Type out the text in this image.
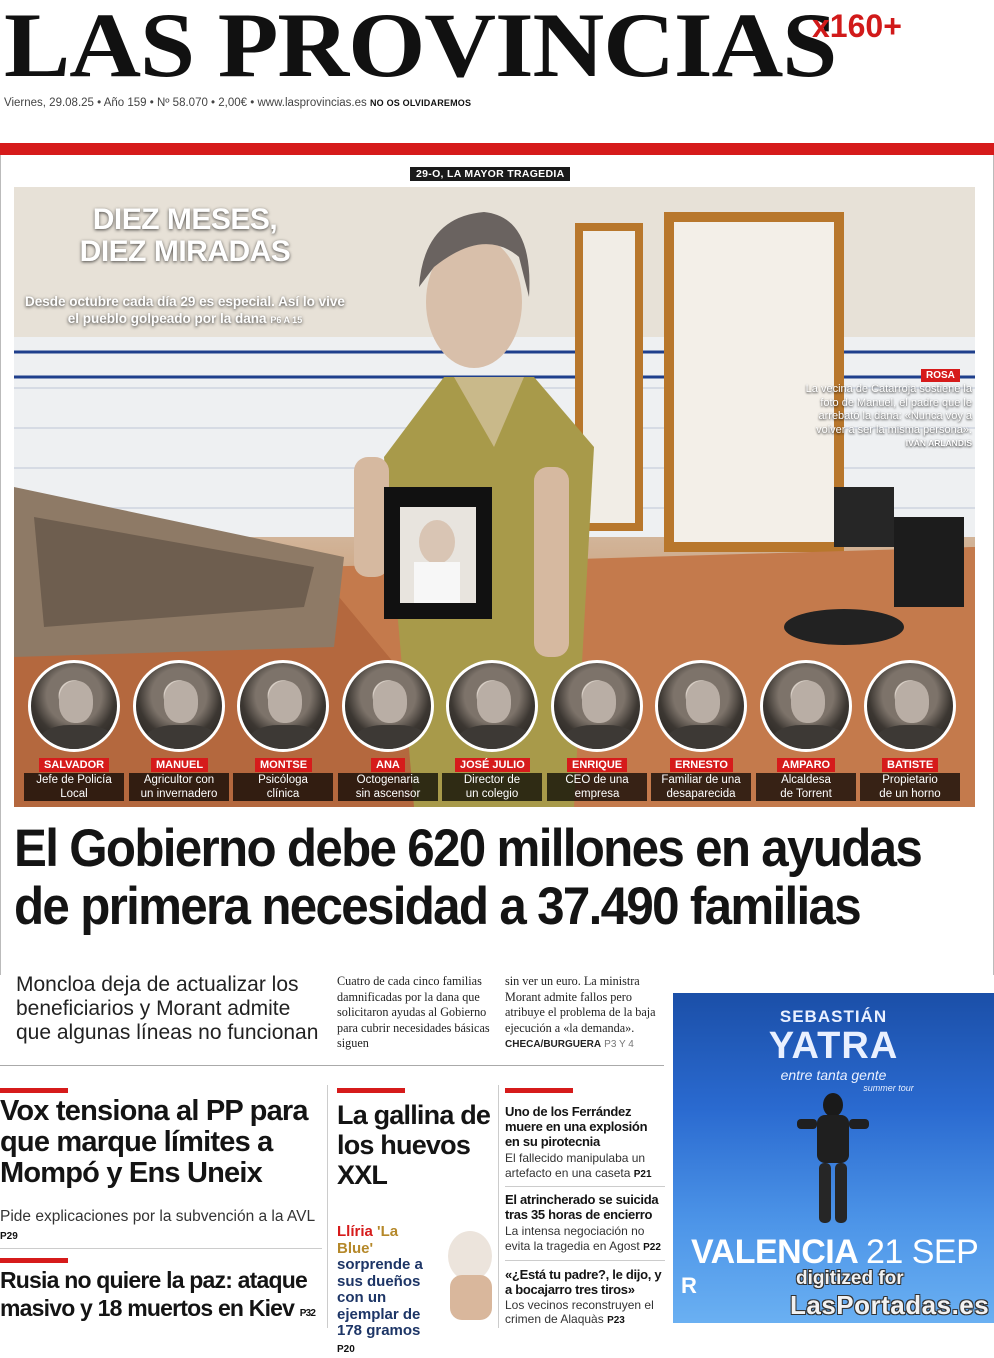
LAS PROVINCIAS
x160+
Viernes, 29.08.25 • Año 159 • Nº 58.070 • 2,00€ • www.lasprovincias.es NO OS OLVIDAREMOS
29-O, LA MAYOR TRAGEDIA
DIEZ MESES,
DIEZ MIRADAS
Desde octubre cada día 29 es especial. Así lo vive el pueblo golpeado por la dana P6 A 15
ROSA
La vecina de Catarroja sostiene la foto de Manuel, el padre que le arrebató la dana: «Nunca voy a volver a ser la misma persona». IVÁN ARLANDIS
SALVADOR
Jefe de Policía
Local
MANUEL
Agricultor con
un invernadero
MONTSE
Psicóloga
clínica
ANA
Octogenaria
sin ascensor
JOSÉ JULIO
Director de
un colegio
ENRIQUE
CEO de una
empresa
ERNESTO
Familiar de una
desaparecida
AMPARO
Alcaldesa
de Torrent
BATISTE
Propietario
de un horno
El Gobierno debe 620 millones en ayudas
de primera necesidad a 37.490 familias
Moncloa deja de actualizar los beneficiarios y Morant admite que algunas líneas no funcionan
Cuatro de cada cinco familias damnificadas por la dana que solicitaron ayudas al Gobierno para cubrir necesidades básicas siguen
sin ver un euro. La ministra Morant admite fallos pero atribuye el problema de la baja ejecución a «la demanda». CHECA/BURGUERA P3 Y 4
Vox tensiona al PP para que marque límites a Mompó y Ens Uneix
Pide explicaciones por la subvención a la AVL P29
Rusia no quiere la paz: ataque masivo y 18 muertos en Kiev P32
La gallina de los huevos XXL
Llíria 'La Blue' sorprende a sus dueños con un ejemplar de 178 gramos P20
Uno de los Ferrández muere en una explosión en su pirotecnia
El fallecido manipulaba un artefacto en una caseta P21
El atrincherado se suicida tras 35 horas de encierro
La intensa negociación no evita la tragedia en Agost P22
«¿Está tu padre?, le dijo, y a bocajarro tres tiros»
Los vecinos reconstruyen el crimen de Alaquàs P23
SEBASTIÁN
YATRA
entre tanta gente
summer tour
VALENCIA 21 SEP
R	digitized for
LasPortadas.es
